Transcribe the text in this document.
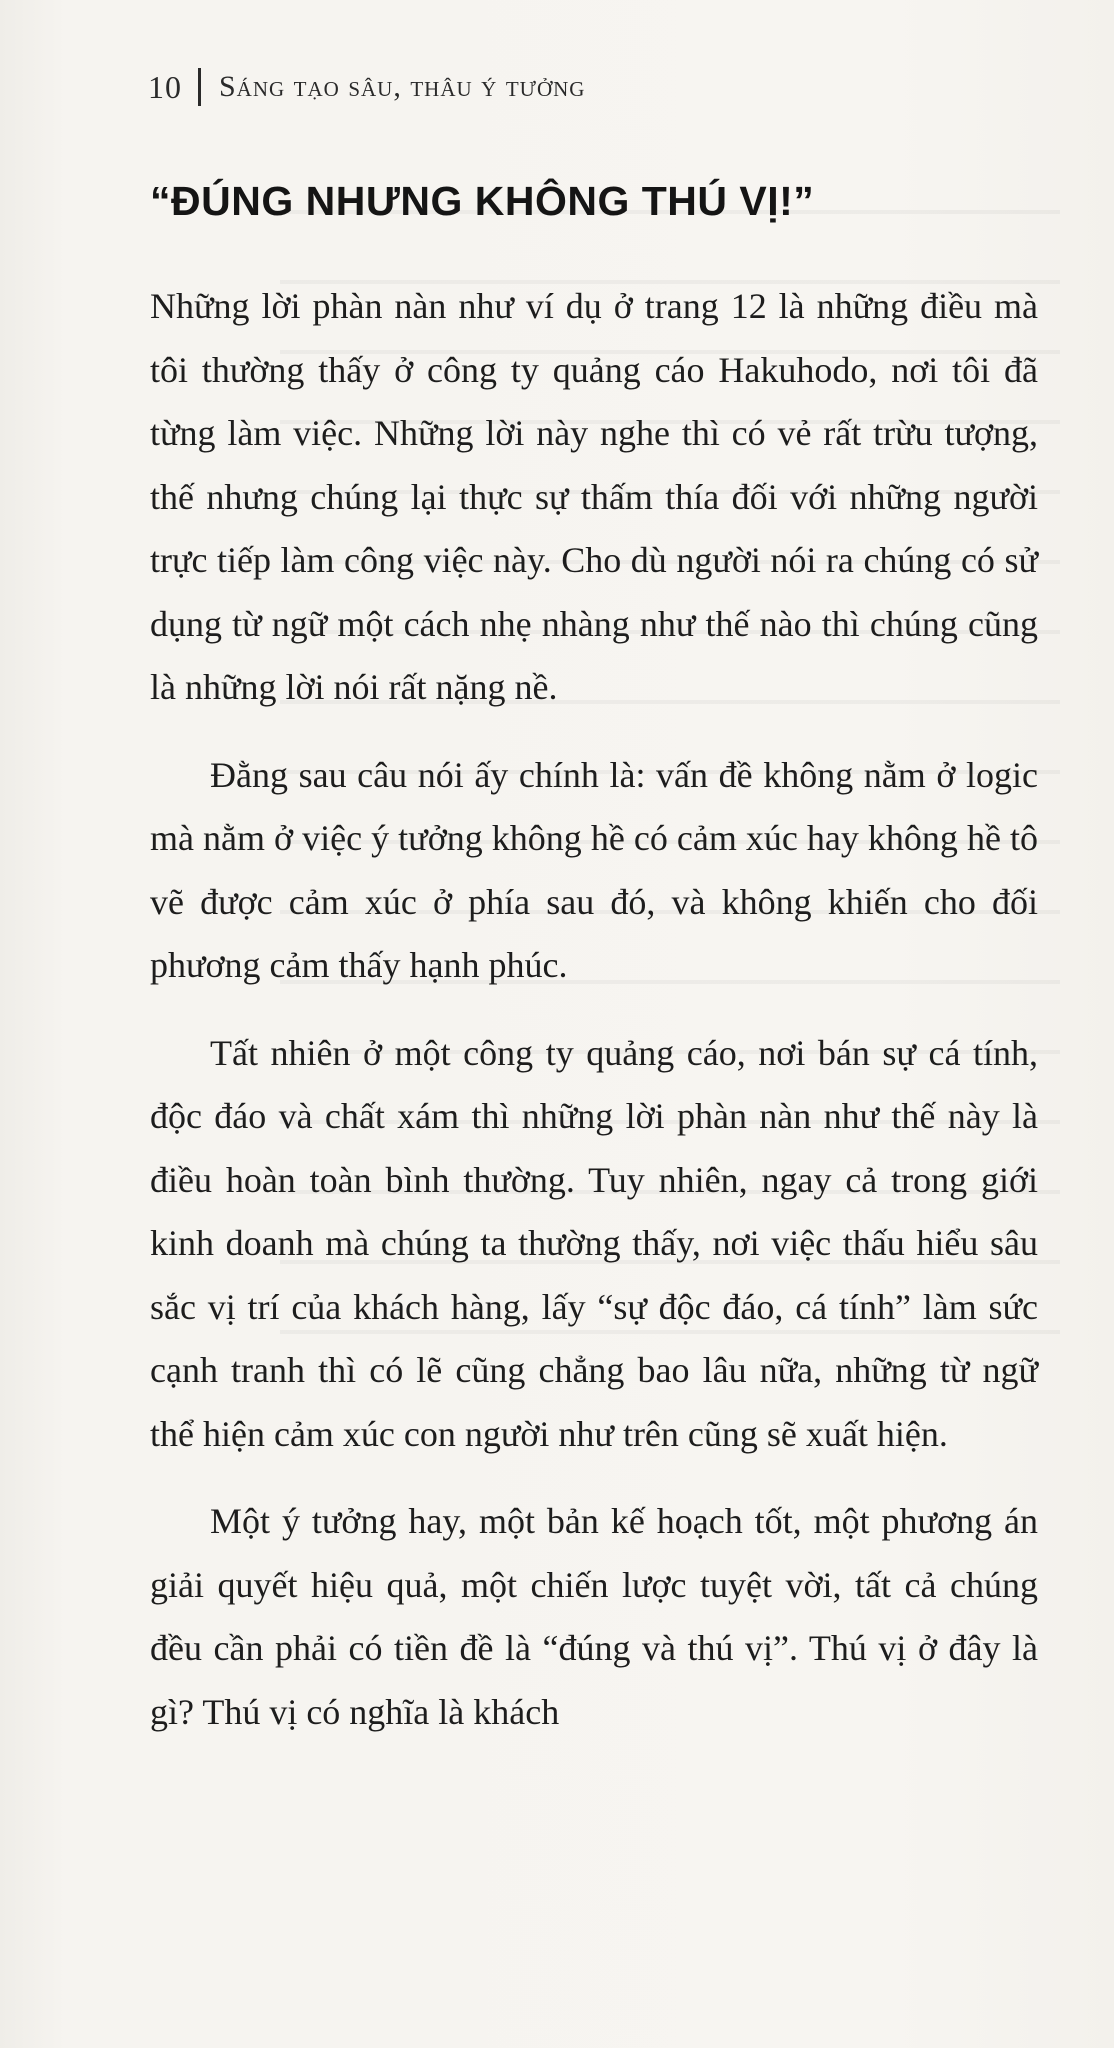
10 Sáng tạo sâu, thâu ý tưởng
“ĐÚNG NHƯNG KHÔNG THÚ VỊ!”

Những lời phàn nàn như ví dụ ở trang 12 là những điều mà tôi thường thấy ở công ty quảng cáo Hakuhodo, nơi tôi đã từng làm việc. Những lời này nghe thì có vẻ rất trừu tượng, thế nhưng chúng lại thực sự thấm thía đối với những người trực tiếp làm công việc này. Cho dù người nói ra chúng có sử dụng từ ngữ một cách nhẹ nhàng như thế nào thì chúng cũng là những lời nói rất nặng nề.

Đằng sau câu nói ấy chính là: vấn đề không nằm ở logic mà nằm ở việc ý tưởng không hề có cảm xúc hay không hề tô vẽ được cảm xúc ở phía sau đó, và không khiến cho đối phương cảm thấy hạnh phúc.

Tất nhiên ở một công ty quảng cáo, nơi bán sự cá tính, độc đáo và chất xám thì những lời phàn nàn như thế này là điều hoàn toàn bình thường. Tuy nhiên, ngay cả trong giới kinh doanh mà chúng ta thường thấy, nơi việc thấu hiểu sâu sắc vị trí của khách hàng, lấy “sự độc đáo, cá tính” làm sức cạnh tranh thì có lẽ cũng chẳng bao lâu nữa, những từ ngữ thể hiện cảm xúc con người như trên cũng sẽ xuất hiện.

Một ý tưởng hay, một bản kế hoạch tốt, một phương án giải quyết hiệu quả, một chiến lược tuyệt vời, tất cả chúng đều cần phải có tiền đề là “đúng và thú vị”. Thú vị ở đây là gì? Thú vị có nghĩa là khách
